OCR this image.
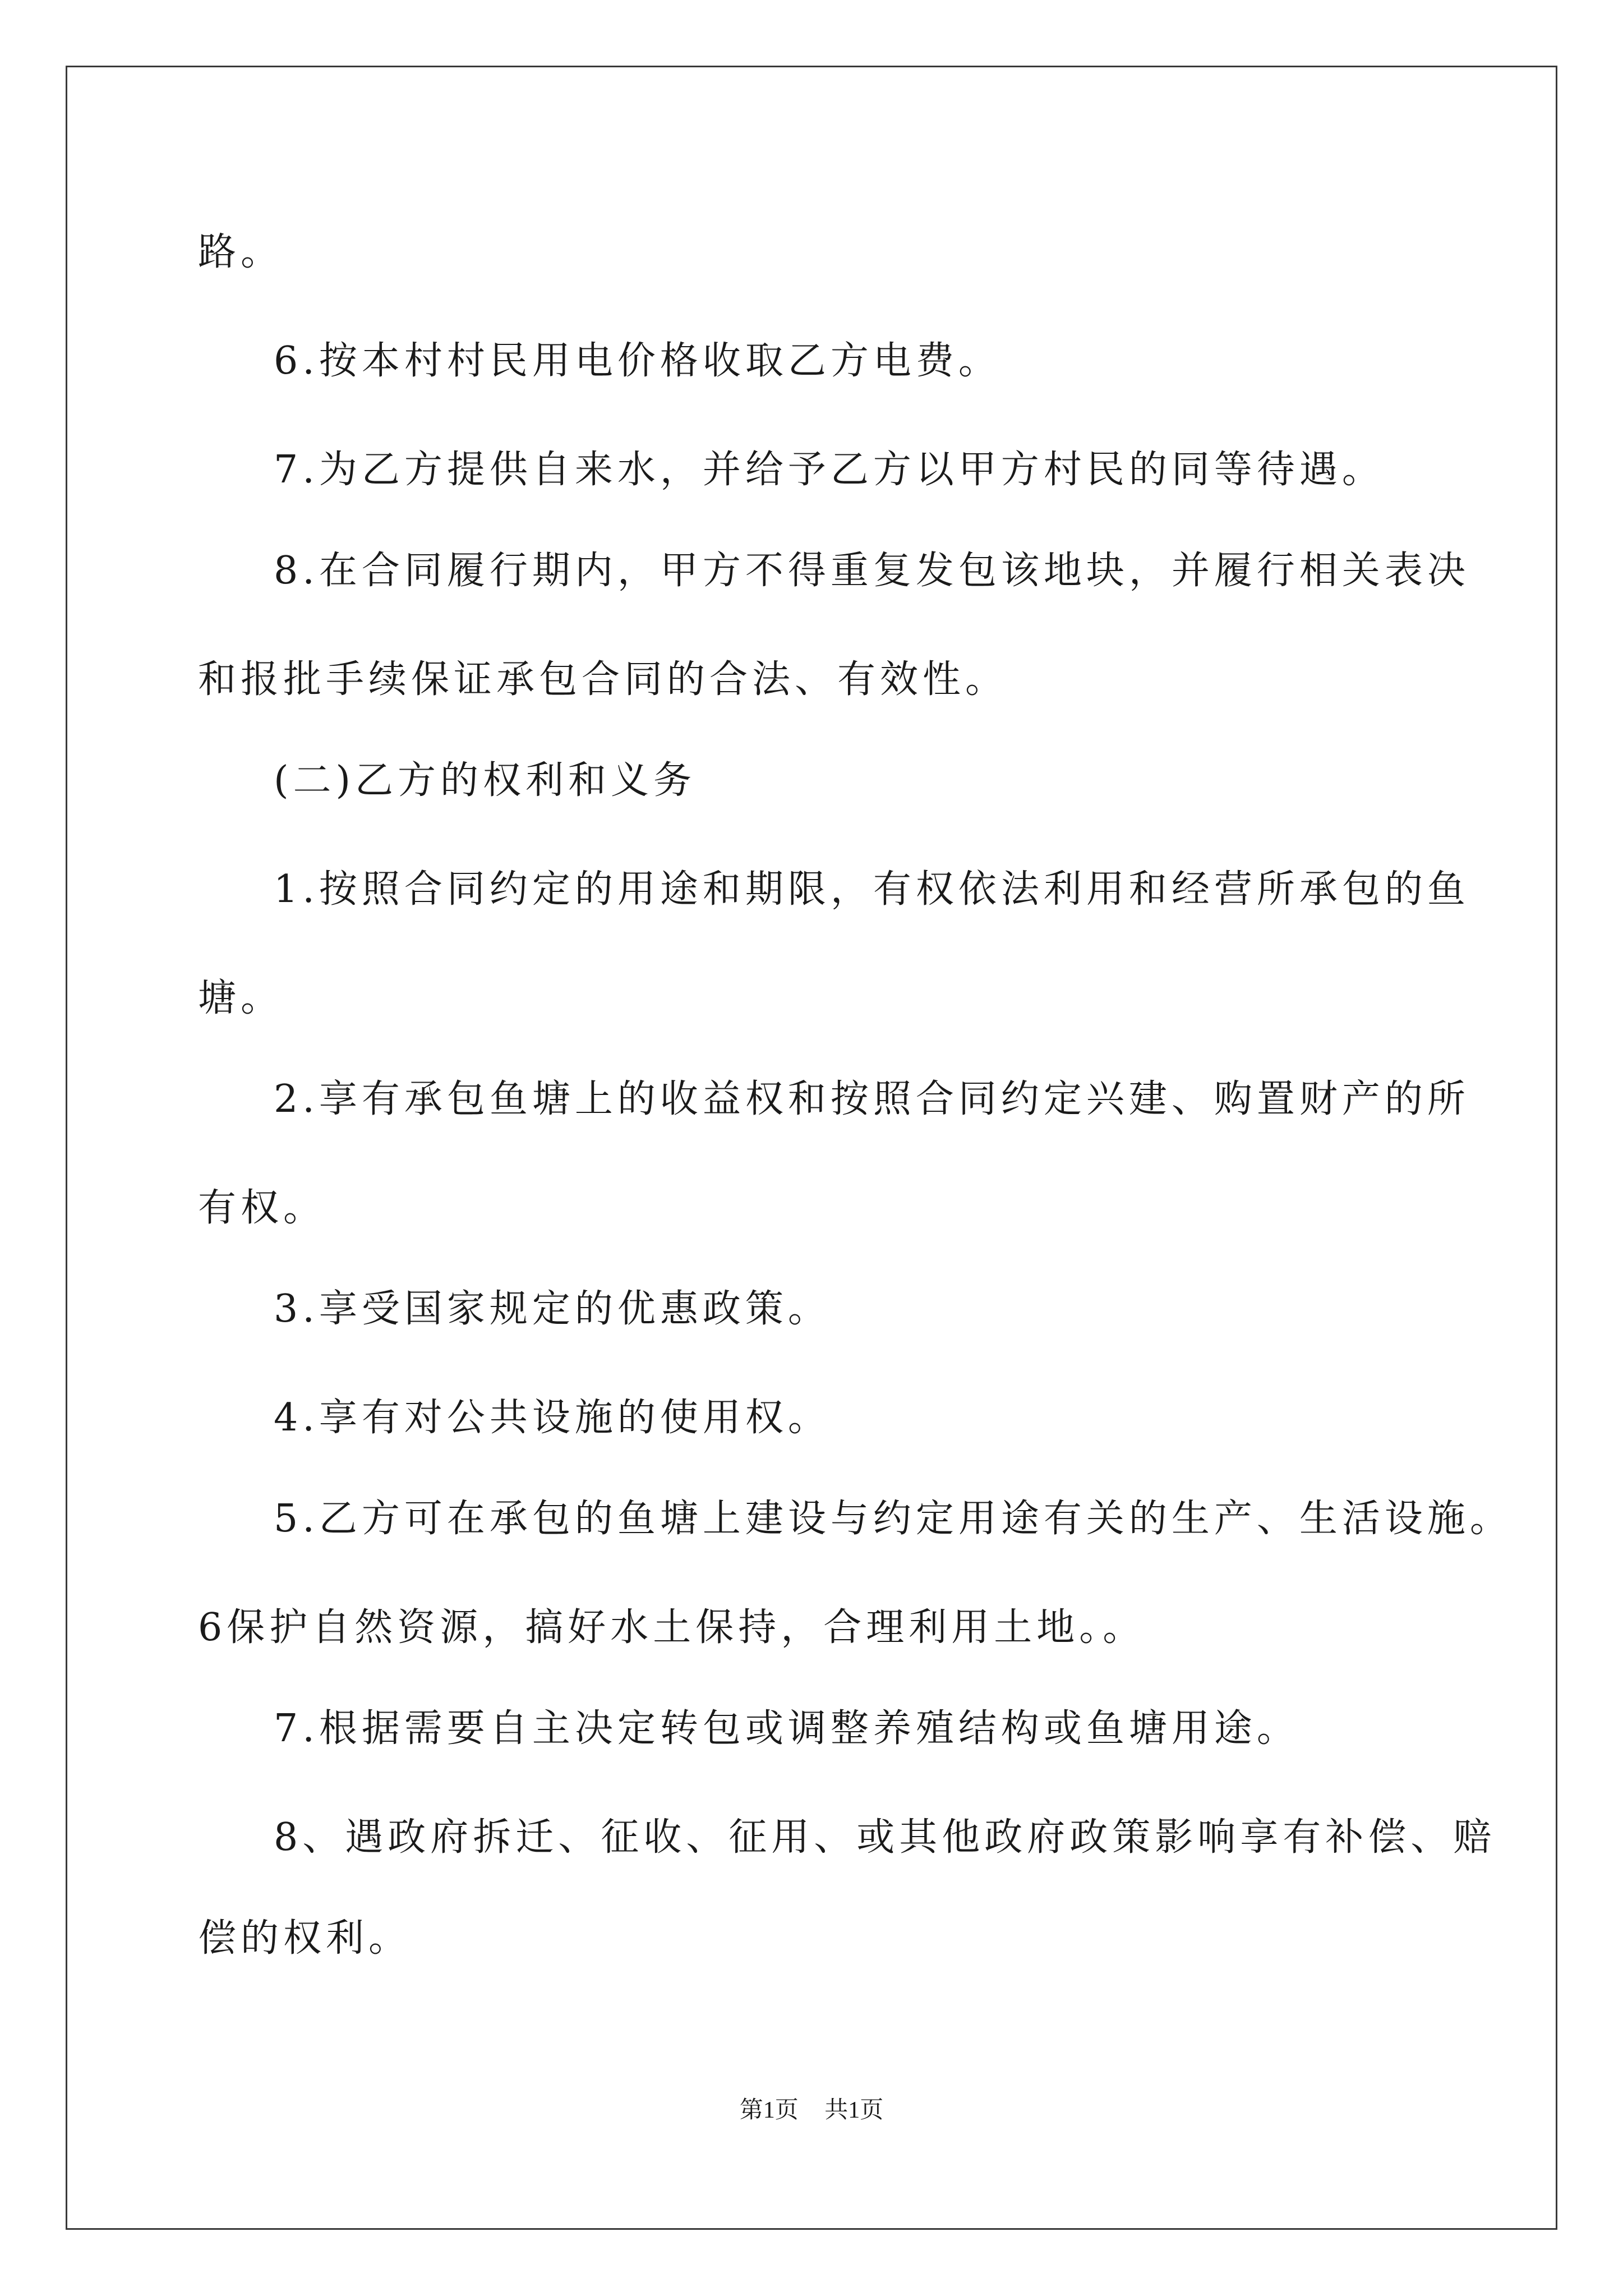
路。

6.按本村村民用电价格收取乙方电费。

7.为乙方提供自来水，并给予乙方以甲方村民的同等待遇。

8.在合同履行期内，甲方不得重复发包该地块，并履行相关表决

和报批手续保证承包合同的合法、有效性。

(二)乙方的权利和义务

1.按照合同约定的用途和期限，有权依法利用和经营所承包的鱼

塘。

2.享有承包鱼塘上的收益权和按照合同约定兴建、购置财产的所

有权。

3.享受国家规定的优惠政策。

4.享有对公共设施的使用权。

5.乙方可在承包的鱼塘上建设与约定用途有关的生产、生活设施。

6保护自然资源，搞好水土保持，合理利用土地。。

7.根据需要自主决定转包或调整养殖结构或鱼塘用途。

8、遇政府拆迁、征收、征用、或其他政府政策影响享有补偿、赔

偿的权利。

第1页 共1页
